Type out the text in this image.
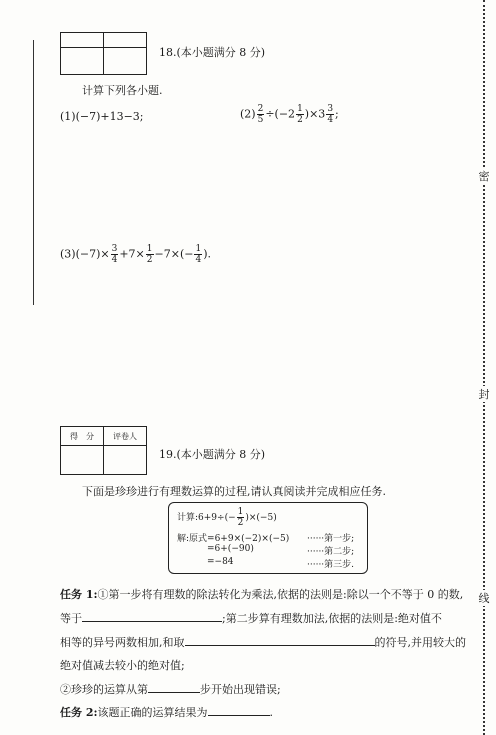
密
封
线

18.(本小题满分 8 分)
计算下列各小题.
(1)(−7)+13−3;	$(2) \frac{2}{5} \div(-2 \frac{1}{2} )\times 3 \frac{3}{4}$ ;
$(3)(-7)\times \frac{3}{4} +7\times \frac{1}{2} -7\times(- \frac{1}{4}$ ).
得　分	评卷人

19.(本小题满分 8 分)
下面是珍珍进行有理数运算的过程,请认真阅读并完成相应任务.
计算:6+9÷(− $\frac{1}{2} )\times(-5)$
解:原式=6+9×(−2)×(−5)
=6+(−90)
=−84
······第一步;
······第二步;
······第三步.
任务 1:①第一步将有理数的除法转化为乘法,依据的法则是:除以一个不等于 0 的数,
等于	;第二步算有理数加法,依据的法则是:绝对值不
相等的异号两数相加,和取	的符号,并用较大的
绝对值减去较小的绝对值;
②珍珍的运算从第	步开始出现错误;
任务 2:该题正确的运算结果为	.
